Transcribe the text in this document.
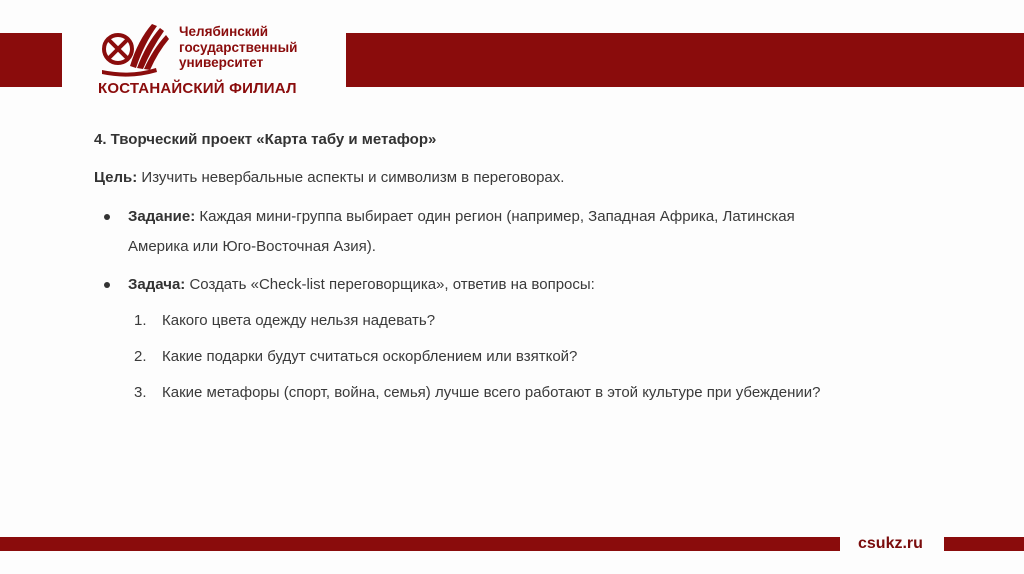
Челябинский
государственный
университет
КОСТАНАЙСКИЙ ФИЛИАЛ

4. Творческий проект «Карта табу и метафор»

Цель: Изучить невербальные аспекты и символизм в переговорах.
Задание: Каждая мини-группа выбирает один регион (например, Западная Африка, Латинская Америка или Юго-Восточная Азия).
Задача: Создать «Check-list переговорщика», ответив на вопросы:
1. Какого цвета одежду нельзя надевать?
2. Какие подарки будут считаться оскорблением или взяткой?
3. Какие метафоры (спорт, война, семья) лучше всего работают в этой культуре при убеждении?
csukz.ru
